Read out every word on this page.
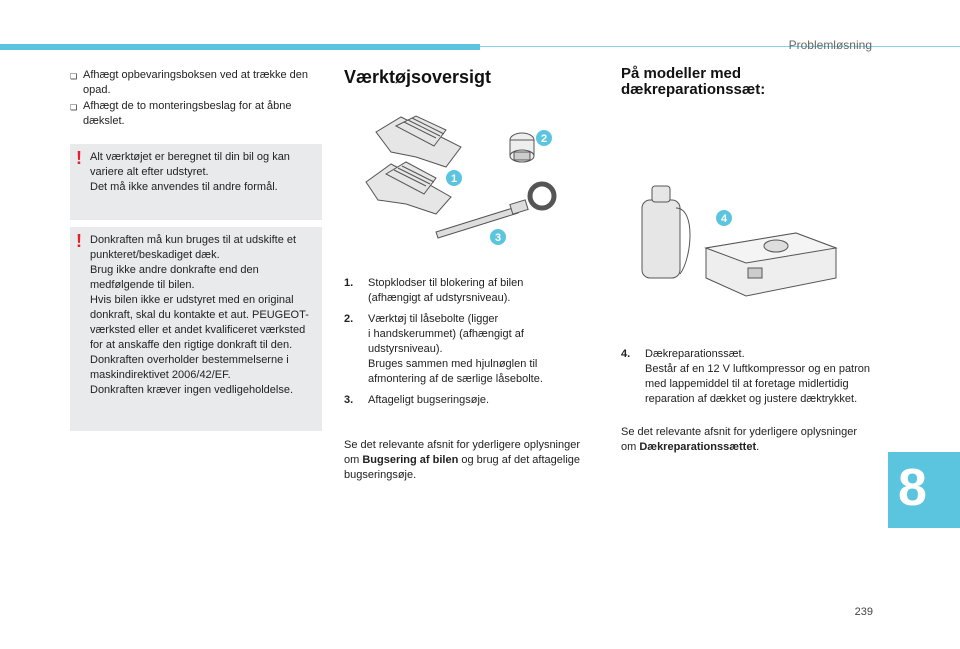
Problemløsning
❏ Afhægt opbevaringsboksen ved at trække den opad.
❏ Afhægt de to monteringsbeslag for at åbne dækslet.
! Alt værktøjet er beregnet til din bil og kan variere alt efter udstyret.
Det må ikke anvendes til andre formål.

! Donkraften må kun bruges til at udskifte et punkteret/beskadiget dæk.
Brug ikke andre donkrafte end den medfølgende til bilen.
Hvis bilen ikke er udstyret med en original donkraft, skal du kontakte et aut. PEUGEOT-værksted eller et andet kvalificeret værksted for at anskaffe den rigtige donkraft til den.
Donkraften overholder bestemmelserne i maskindirektivet 2006/42/EF.
Donkraften kræver ingen vedligeholdelse.

Værktøjsoversigt
1
2
3
1.	Stopklodser til blokering af bilen
(afhængigt af udstyrsniveau).
2.	Værktøj til låsebolte (ligger
i handskerummet) (afhængigt af udstyrsniveau).
Bruges sammen med hjulnøglen til afmontering af de særlige låsebolte.
3.	Aftageligt bugseringsøje.

Se det relevante afsnit for yderligere oplysninger om Bugsering af bilen og brug af det aftagelige bugseringsøje.

På modeller med
dækreparationssæt:
4
4.	Dækreparationssæt.
Består af en 12 V luftkompressor og en patron med lappemiddel til at foretage midlertidig reparation af dækket og justere dæktrykket.

Se det relevante afsnit for yderligere oplysninger om Dækreparationssættet.

8
239
